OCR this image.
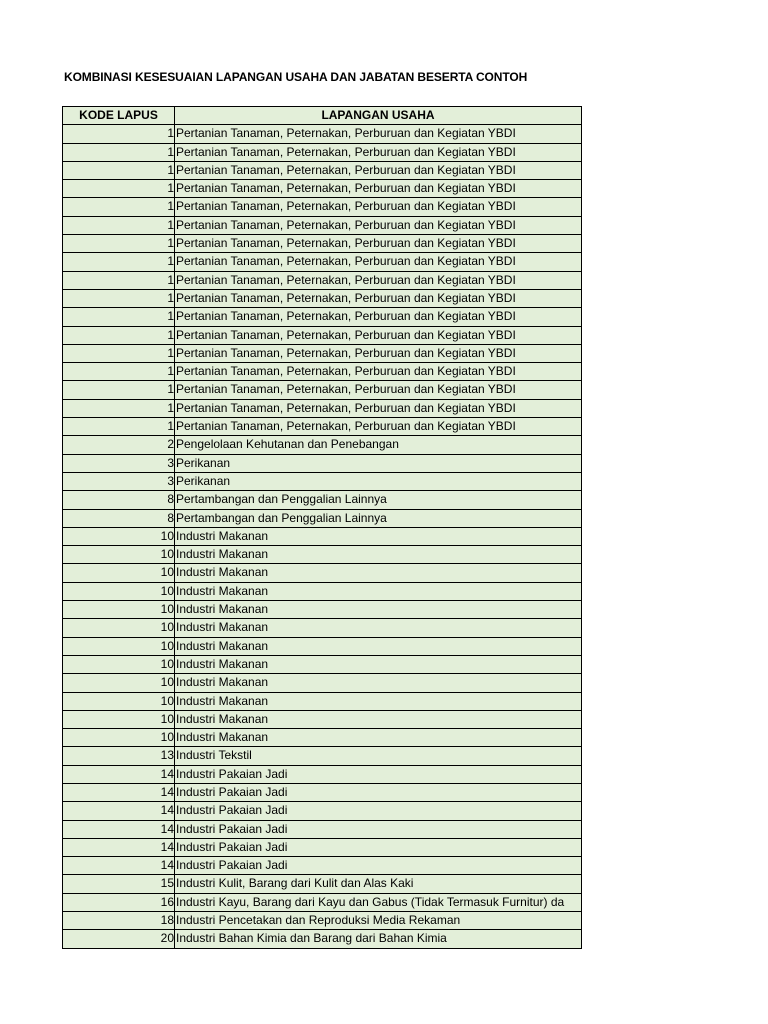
KOMBINASI KESESUAIAN LAPANGAN USAHA DAN JABATAN BESERTA CONTOH
KODE LAPUS	LAPANGAN USAHA
1	Pertanian Tanaman, Peternakan, Perburuan dan Kegiatan YBDI
1	Pertanian Tanaman, Peternakan, Perburuan dan Kegiatan YBDI
1	Pertanian Tanaman, Peternakan, Perburuan dan Kegiatan YBDI
1	Pertanian Tanaman, Peternakan, Perburuan dan Kegiatan YBDI
1	Pertanian Tanaman, Peternakan, Perburuan dan Kegiatan YBDI
1	Pertanian Tanaman, Peternakan, Perburuan dan Kegiatan YBDI
1	Pertanian Tanaman, Peternakan, Perburuan dan Kegiatan YBDI
1	Pertanian Tanaman, Peternakan, Perburuan dan Kegiatan YBDI
1	Pertanian Tanaman, Peternakan, Perburuan dan Kegiatan YBDI
1	Pertanian Tanaman, Peternakan, Perburuan dan Kegiatan YBDI
1	Pertanian Tanaman, Peternakan, Perburuan dan Kegiatan YBDI
1	Pertanian Tanaman, Peternakan, Perburuan dan Kegiatan YBDI
1	Pertanian Tanaman, Peternakan, Perburuan dan Kegiatan YBDI
1	Pertanian Tanaman, Peternakan, Perburuan dan Kegiatan YBDI
1	Pertanian Tanaman, Peternakan, Perburuan dan Kegiatan YBDI
1	Pertanian Tanaman, Peternakan, Perburuan dan Kegiatan YBDI
1	Pertanian Tanaman, Peternakan, Perburuan dan Kegiatan YBDI
2	Pengelolaan Kehutanan dan Penebangan
3	Perikanan
3	Perikanan
8	Pertambangan dan Penggalian Lainnya
8	Pertambangan dan Penggalian Lainnya
10	Industri Makanan
10	Industri Makanan
10	Industri Makanan
10	Industri Makanan
10	Industri Makanan
10	Industri Makanan
10	Industri Makanan
10	Industri Makanan
10	Industri Makanan
10	Industri Makanan
10	Industri Makanan
10	Industri Makanan
13	Industri Tekstil
14	Industri Pakaian Jadi
14	Industri Pakaian Jadi
14	Industri Pakaian Jadi
14	Industri Pakaian Jadi
14	Industri Pakaian Jadi
14	Industri Pakaian Jadi
15	Industri Kulit, Barang dari Kulit dan Alas Kaki
16	Industri Kayu, Barang dari Kayu dan Gabus (Tidak Termasuk Furnitur) da
18	Industri Pencetakan dan Reproduksi Media Rekaman
20	Industri Bahan Kimia dan Barang dari Bahan Kimia
